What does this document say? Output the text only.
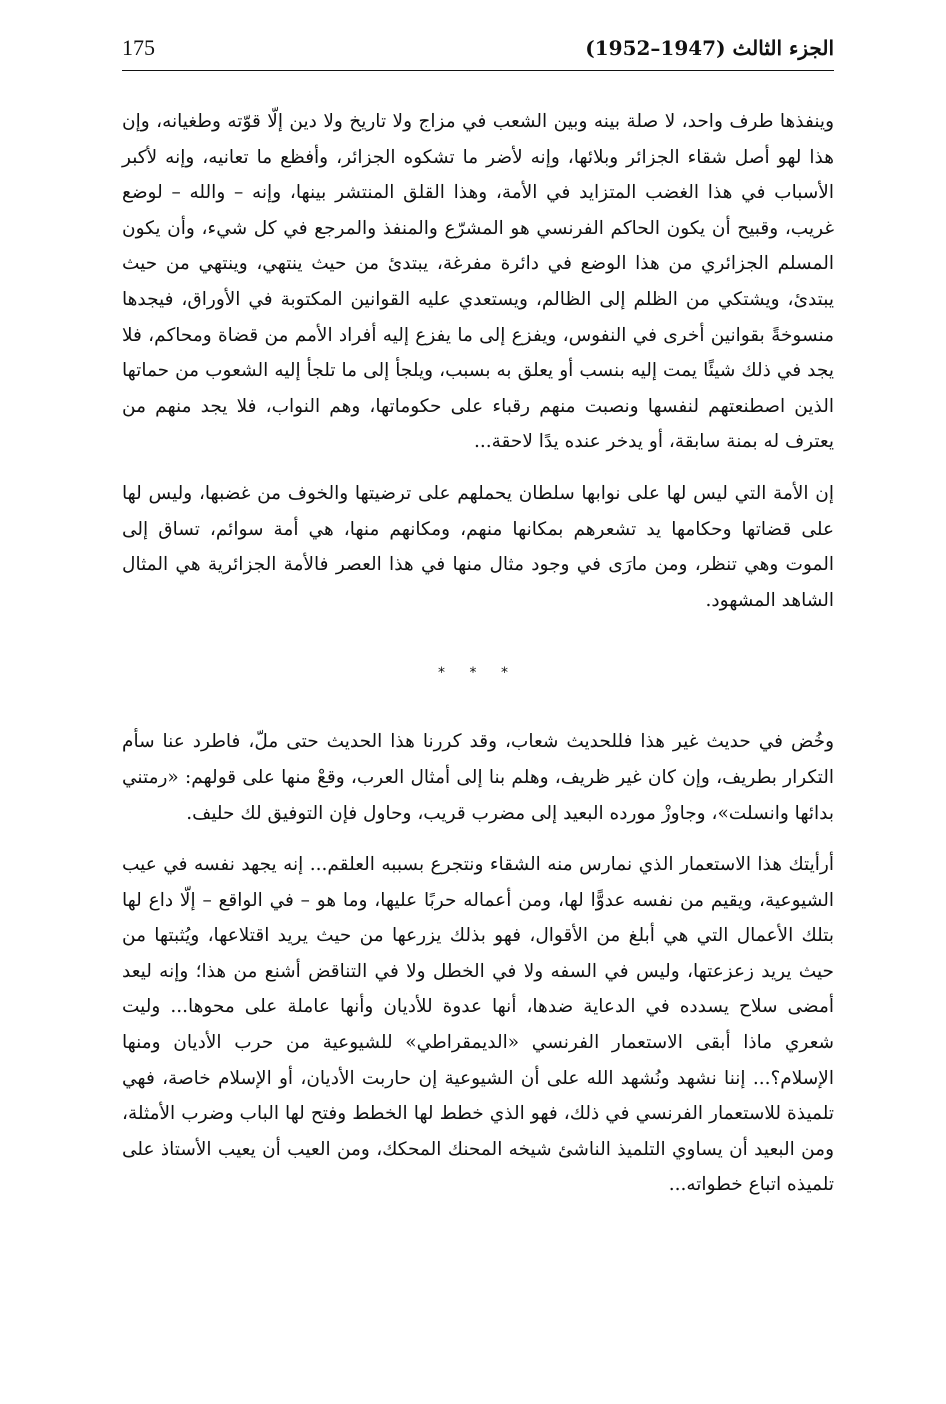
175	الجزء الثالث (1947–1952)

وينفذها طرف واحد، لا صلة بينه وبين الشعب في مزاج ولا تاريخ ولا دين إلّا قوّته وطغيانه، وإن هذا لهو أصل شقاء الجزائر وبلائها، وإنه لأضر ما تشكوه الجزائر، وأفظع ما تعانيه، وإنه لأكبر الأسباب في هذا الغضب المتزايد في الأمة، وهذا القلق المنتشر بينها، وإنه – والله – لوضع غريب، وقبيح أن يكون الحاكم الفرنسي هو المشرّع والمنفذ والمرجع في كل شيء، وأن يكون المسلم الجزائري من هذا الوضع في دائرة مفرغة، يبتدئ من حيث ينتهي، وينتهي من حيث يبتدئ، ويشتكي من الظلم إلى الظالم، ويستعدي عليه القوانين المكتوبة في الأوراق، فيجدها منسوخةً بقوانين أخرى في النفوس، ويفزع إلى ما يفزع إليه أفراد الأمم من قضاة ومحاكم، فلا يجد في ذلك شيئًا يمت إليه بنسب أو يعلق به بسبب، ويلجأ إلى ما تلجأ إليه الشعوب من حماتها الذين اصطنعتهم لنفسها ونصبت منهم رقباء على حكوماتها، وهم النواب، فلا يجد منهم من يعترف له بمنة سابقة، أو يدخر عنده يدًا لاحقة...

إن الأمة التي ليس لها على نوابها سلطان يحملهم على ترضيتها والخوف من غضبها، وليس لها على قضاتها وحكامها يد تشعرهم بمكانها منهم، ومكانهم منها، هي أمة سوائم، تساق إلى الموت وهي تنظر، ومن مارَى في وجود مثال منها في هذا العصر فالأمة الجزائرية هي المثال الشاهد المشهود.

* * *

وخُض في حديث غير هذا فللحديث شعاب، وقد كررنا هذا الحديث حتى ملّ، فاطرد عنا سأم التكرار بطريف، وإن كان غير ظريف، وهلم بنا إلى أمثال العرب، وقعْ منها على قولهم: «رمتني بدائها وانسلت»، وجاوزْ مورده البعيد إلى مضرب قريب، وحاول فإن التوفيق لك حليف.

أرأيتك هذا الاستعمار الذي نمارس منه الشقاء ونتجرع بسببه العلقم... إنه يجهد نفسه في عيب الشيوعية، ويقيم من نفسه عدوًّا لها، ومن أعماله حربًا عليها، وما هو – في الواقع – إلّا داع لها بتلك الأعمال التي هي أبلغ من الأقوال، فهو بذلك يزرعها من حيث يريد اقتلاعها، ويُثبتها من حيث يريد زعزعتها، وليس في السفه ولا في الخطل ولا في التناقض أشنع من هذا؛ وإنه ليعد أمضى سلاح يسدده في الدعاية ضدها، أنها عدوة للأديان وأنها عاملة على محوها... وليت شعري ماذا أبقى الاستعمار الفرنسي «الديمقراطي» للشيوعية من حرب الأديان ومنها الإسلام؟... إننا نشهد ونُشهد الله على أن الشيوعية إن حاربت الأديان، أو الإسلام خاصة، فهي تلميذة للاستعمار الفرنسي في ذلك، فهو الذي خطط لها الخطط وفتح لها الباب وضرب الأمثلة، ومن البعيد أن يساوي التلميذ الناشئ شيخه المحنك المحكك، ومن العيب أن يعيب الأستاذ على تلميذه اتباع خطواته...
